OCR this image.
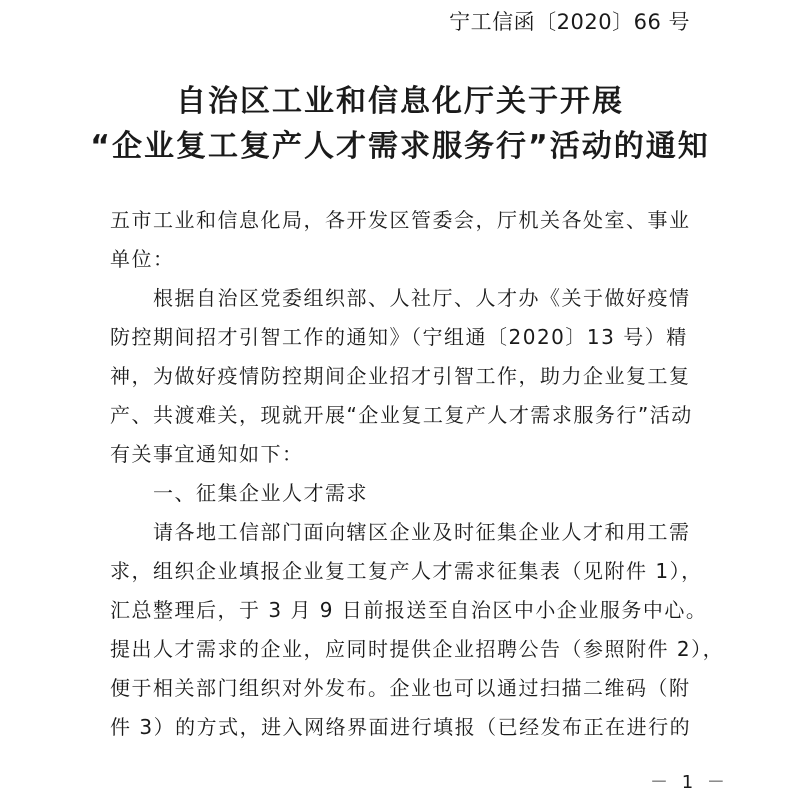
宁工信函〔2020〕66 号
自治区工业和信息化厅关于开展
“企业复工复产人才需求服务行”活动的通知
五市工业和信息化局，各开发区管委会，厅机关各处室、事业
单位：
　　根据自治区党委组织部、人社厅、人才办《关于做好疫情
防控期间招才引智工作的通知》（宁组通〔2020〕13 号）精
神，为做好疫情防控期间企业招才引智工作，助力企业复工复
产、共渡难关，现就开展“企业复工复产人才需求服务行”活动
有关事宜通知如下：
　　一、征集企业人才需求
　　请各地工信部门面向辖区企业及时征集企业人才和用工需
求，组织企业填报企业复工复产人才需求征集表（见附件 1），
汇总整理后，于 3 月 9 日前报送至自治区中小企业服务中心。
提出人才需求的企业，应同时提供企业招聘公告（参照附件 2），
便于相关部门组织对外发布。企业也可以通过扫描二维码（附
件 3）的方式，进入网络界面进行填报（已经发布正在进行的
－ 1 －
